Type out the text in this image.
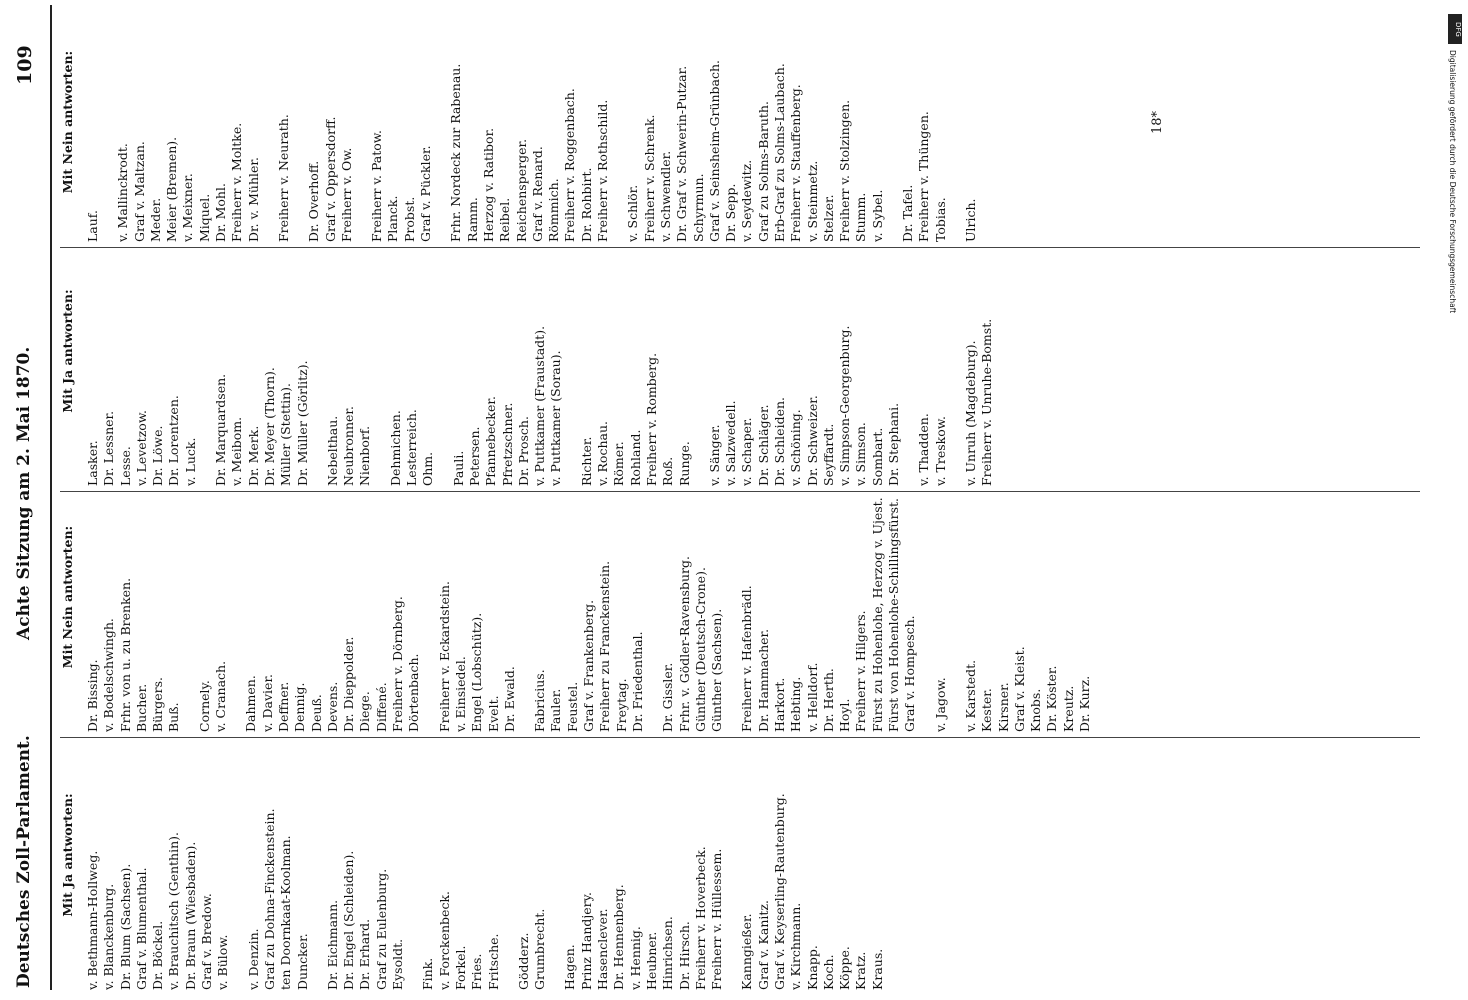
Deutsches Zoll-Parlament.
Achte Sitzung am 2. Mai 1870.
109
Mit Ja antworten: v. Bethmann-Hollweg. v. Blanckenburg. Dr. Blum (Sachsen). Graf v. Blumenthal. Dr. Böckel. v. Brauchitsch (Genthin). Dr. Braun (Wiesbaden). Graf v. Bredow. v. Bülow. v. Denzin. Graf zu Dohna-Finckenstein. ten Doornkaat-Koolman. Duncker. Dr. Eichmann. Dr. Engel (Schleiden). Dr. Erhard. Graf zu Eulenburg. Eysoldt. Fink. v. Forckenbeck. Forkel. Fries. Fritsche. Gödderz. Grumbrecht. Hagen. Prinz Handjery. Hasenclever. Dr. Hennenberg. v. Hennig. Heubner. Hinrichsen. Dr. Hirsch. Freiherr v. Hoverbeck. Freiherr v. Hüllessem. Kanngießer. Graf v. Kanitz. Graf v. Keyserling-Rautenburg. v. Kirchmann. Knapp. Koch. Köppe. Kratz. Kraus.
Mit Nein antworten:
Dr. Bissing. v. Bodelschwingh. Frhr. von u. zu Brenken. Bucher. Bürgers. Buß. Cornely. v. Cranach. Dahmen. v. Davier. Deffner. Dennig. Deuß. Devens. Dr. Dieppolder. Diege. Diffené. Freiherr v. Dörnberg. Dörtenbach. Freiherr v. Eckardstein. v. Einsiedel. Engel (Lobschütz). Evelt. Dr. Ewald. Fabricius. Fauler. Feustel. Graf v. Frankenberg. Freiherr zu Franckenstein. Freytag. Dr. Friedenthal. Dr. Gissler. Frhr. v. Gödler-Ravensburg. Günther (Deutsch-Crone). Günther (Sachsen). Freiherr v. Hafenbrädl. Dr. Hammacher. Harkort. Hebting. v. Helldorf. Dr. Herth. Hoyl. Freiherr v. Hilgers. Fürst zu Hohenlohe, Herzog v. Ujest. Fürst von Hohenlohe-Schillingsfürst. Graf v. Hompesch. v. Jagow. v. Karstedt. Kester. Kirsner. Graf v. Kleist. Knobs. Dr. Köster. Kreutz. Dr. Kurz.
Mit Ja antworten:
Lasker. Dr. Lessner. Lesse. v. Levetzow. Dr. Löwe. Dr. Lorentzen. v. Luck. Dr. Marquardsen. v. Meibom. Dr. Merk. Dr. Meyer (Thorn). Müller (Stettin). Dr. Müller (Görlitz). Nebelthau. Neubronner. Nienborf. Dehmichen. Lesterreich. Ohm. Pauli. Petersen. Pfannebecker. Pfretzschner. Dr. Prosch. v. Puttkamer (Fraustadt). v. Puttkamer (Sorau). Richter. v. Rochau. Römer. Rohland. Freiherr v. Romberg. Roß. Runge. v. Sänger. v. Salzwedell. v. Schaper. Dr. Schläger. Dr. Schleiden. v. Schöning. Dr. Schweizer. Seyffardt. v. Simpson-Georgenburg. v. Simson. Sombart. Dr. Stephani. v. Thadden. v. Treskow. v. Unruh (Magdeburg). Freiherr v. Unruhe-Bomst.
Mit Nein antworten:
Lauf. v. Mallinckrodt. Graf v. Maltzan. Meder. Meier (Bremen). v. Meixner. Miquel. Dr. Mohl. Freiherr v. Moltke. Dr. v. Mühler. Freiherr v. Neurath. Dr. Overhoff. Graf v. Oppersdorff. Freiherr v. Ow. Freiherr v. Patow. Planck. Probst. Graf v. Pückler. Frhr. Nordeck zur Rabenau. Ramm. Herzog v. Ratibor. Reibel. Reichensperger. Graf v. Renard. Römmich. Freiherr v. Roggenbach. Dr. Rohbirt. Freiherr v. Rothschild. v. Schlör. Freiherr v. Schrenk. v. Schwendler. Dr. Graf v. Schwerin-Putzar. Schyrmun. Graf v. Seinsheim-Grünbach. Dr. Sepp. v. Seydewitz. Graf zu Solms-Baruth. Erb-Graf zu Solms-Laubach. Freiherr v. Stauffenberg. v. Steinmetz. Stelzer. Freiherr v. Stolzingen. Stumm. v. Sybel. Dr. Tafel. Freiherr v. Thüngen. Tobias. Ulrich.
18*
DFG
Digitalisierung gefördert durch die Deutsche Forschungsgemeinschaft
